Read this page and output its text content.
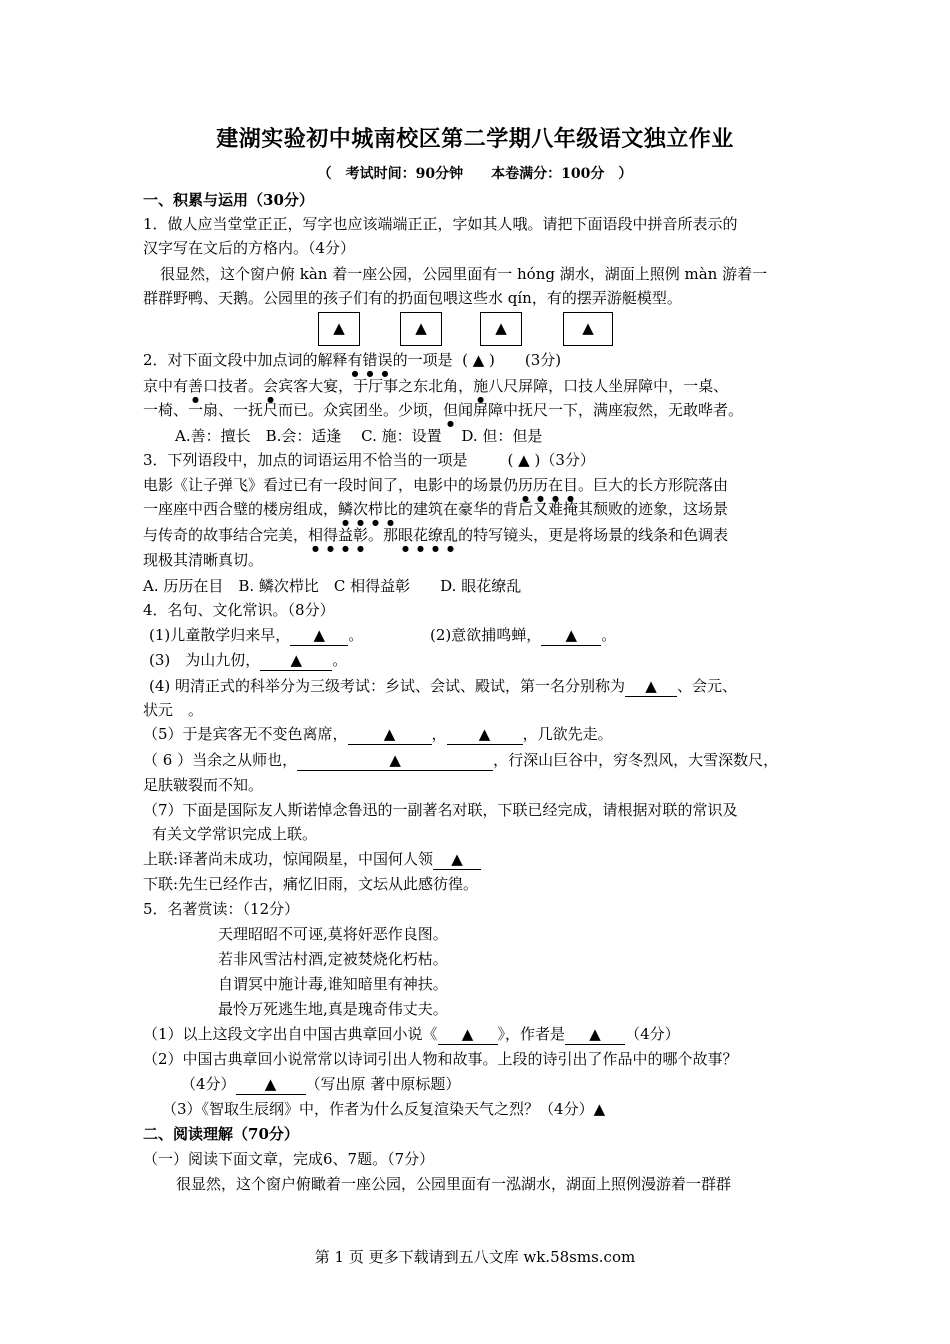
建湖实验初中城南校区第二学期八年级语文独立作业
（　考试时间：90分钟　　本卷满分：100分　）
一、积累与运用（30分）
1．做人应当堂堂正正，写字也应该端端正正，字如其人哦。请把下面语段中拼音所表示的
汉字写在文后的方格内。（4分）
很显然，这个窗户俯 kàn 着一座公园，公园里面有一 hóng 湖水，湖面上照例 màn 游着一
群群野鸭、天鹅。公园里的孩子们有的扔面包喂这些水 qín，有的摆弄游艇模型。
▲	▲	▲	▲
2．对下面文段中加点词的解释有错误的一项是 ( ▲ )　　(3分)
京中有善口技者。会宾客大宴，于厅事之东北角，施八尺屏障，口技人坐屏障中，一桌、
一椅、一扇、一抚尺而已。众宾团坐。少顷，但闻屏障中抚尺一下，满座寂然，无敢哗者。
A.善：擅长　B.会：适逢　 C. 施：设置　 D. 但：但是
3．下列语段中，加点的词语运用不恰当的一项是	( ▲ )（3分）
电影《让子弹飞》看过已有一段时间了，电影中的场景仍历历在目。巨大的长方形院落由
一座座中西合璧的楼房组成，鳞次栉比的建筑在豪华的背后又难掩其颓败的迹象，这场景
与传奇的故事结合完美，相得益彰。那眼花缭乱的特写镜头，更是将场景的线条和色调表
现极其清晰真切。
A. 历历在目　B. 鳞次栉比　C 相得益彰　　D. 眼花缭乱
4．名句、文化常识。（8分）
(1)儿童散学归来早， ▲ 。	(2)意欲捕鸣蝉， ▲ 。
(3)　为山九仞， ▲ 。
(4) 明清正式的科举分为三级考试：乡试、会试、殿试，第一名分别称为 ▲ 、会元、
状元　。
（5）于是宾客无不变色离席， ▲ ， ▲ ，几欲先走。
（ 6 ）当余之从师也，	▲	，行深山巨谷中，穷冬烈风，大雪深数尺，
足肤皲裂而不知。
（7）下面是国际友人斯诺悼念鲁迅的一副著名对联，下联已经完成，请根据对联的常识及
有关文学常识完成上联。
上联:译著尚未成功，惊闻陨星，中国何人领 ▲
下联:先生已经作古，痛忆旧雨，文坛从此感彷徨。
5．名著赏读：（12分）
天理昭昭不可诬,莫将奸恶作良图。
若非风雪沽村酒,定被焚烧化朽枯。
自谓冥中施计毒,谁知暗里有神扶。
最怜万死逃生地,真是瑰奇伟丈夫。
（1）以上这段文字出自中国古典章回小说《 ▲ 》，作者是 ▲ （4分）
（2）中国古典章回小说常常以诗词引出人物和故事。上段的诗引出了作品中的哪个故事？
（4分） ▲ （写出原 著中原标题）
（3）《智取生辰纲》中，作者为什么反复渲染天气之烈？（4分）▲
二、阅读理解（70分）
（一）阅读下面文章，完成6、7题。（7分）
很显然，这个窗户俯瞰着一座公园，公园里面有一泓湖水，湖面上照例漫游着一群群
第 1 页 更多下载请到五八文库 wk.58sms.com
